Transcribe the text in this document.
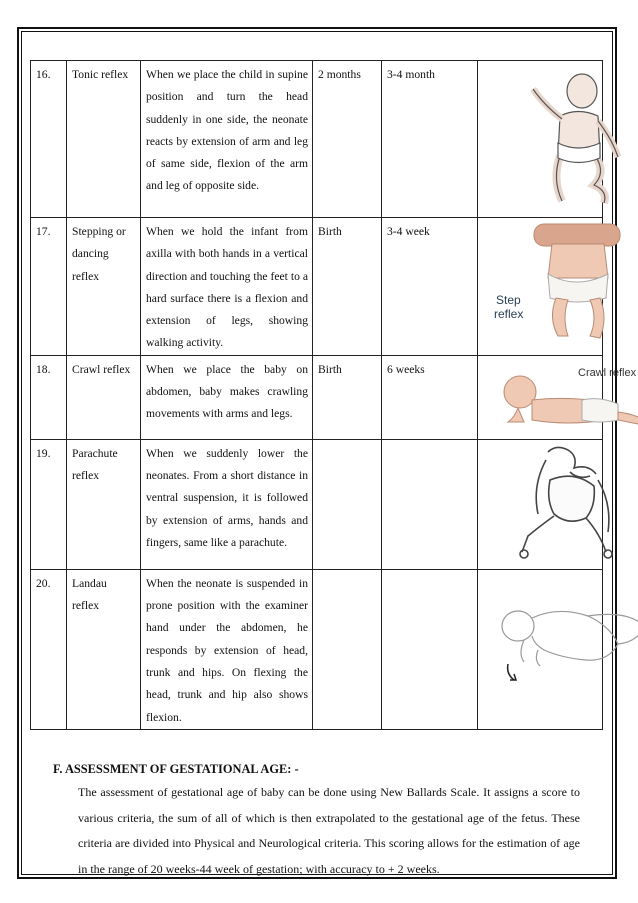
16.	Tonic reflex	When we place the child in supine position and turn the head suddenly in one side, the neonate reacts by extension of arm and leg of same side, flexion of the arm and leg of opposite side.	2 months	3-4 month	

17.	Stepping or dancing reflex	When we hold the infant from axilla with both hands in a vertical direction and touching the feet to a hard surface there is a flexion and extension of legs, showing walking activity.	Birth	3-4 week	Step
reflex

18.	Crawl reflex	When we place the baby on abdomen, baby makes crawling movements with arms and legs.	Birth	6 weeks	Crawl reflex

19.	Parachute reflex	When we suddenly lower the neonates. From a short distance in ventral suspension, it is followed by extension of arms, hands and fingers, same like a parachute.			

20.	Landau reflex	When the neonate is suspended in prone position with the examiner hand under the abdomen, he responds by extension of head, trunk and hips. On flexing the head, trunk and hip also shows flexion.			
F. ASSESSMENT OF GESTATIONAL AGE: -
The assessment of gestational age of baby can be done using New Ballards Scale. It assigns a score to various criteria, the sum of all of which is then extrapolated to the gestational age of the fetus. These criteria are divided into Physical and Neurological criteria. This scoring allows for the estimation of age in the range of 20 weeks-44 week of gestation; with accuracy to + 2 weeks.
